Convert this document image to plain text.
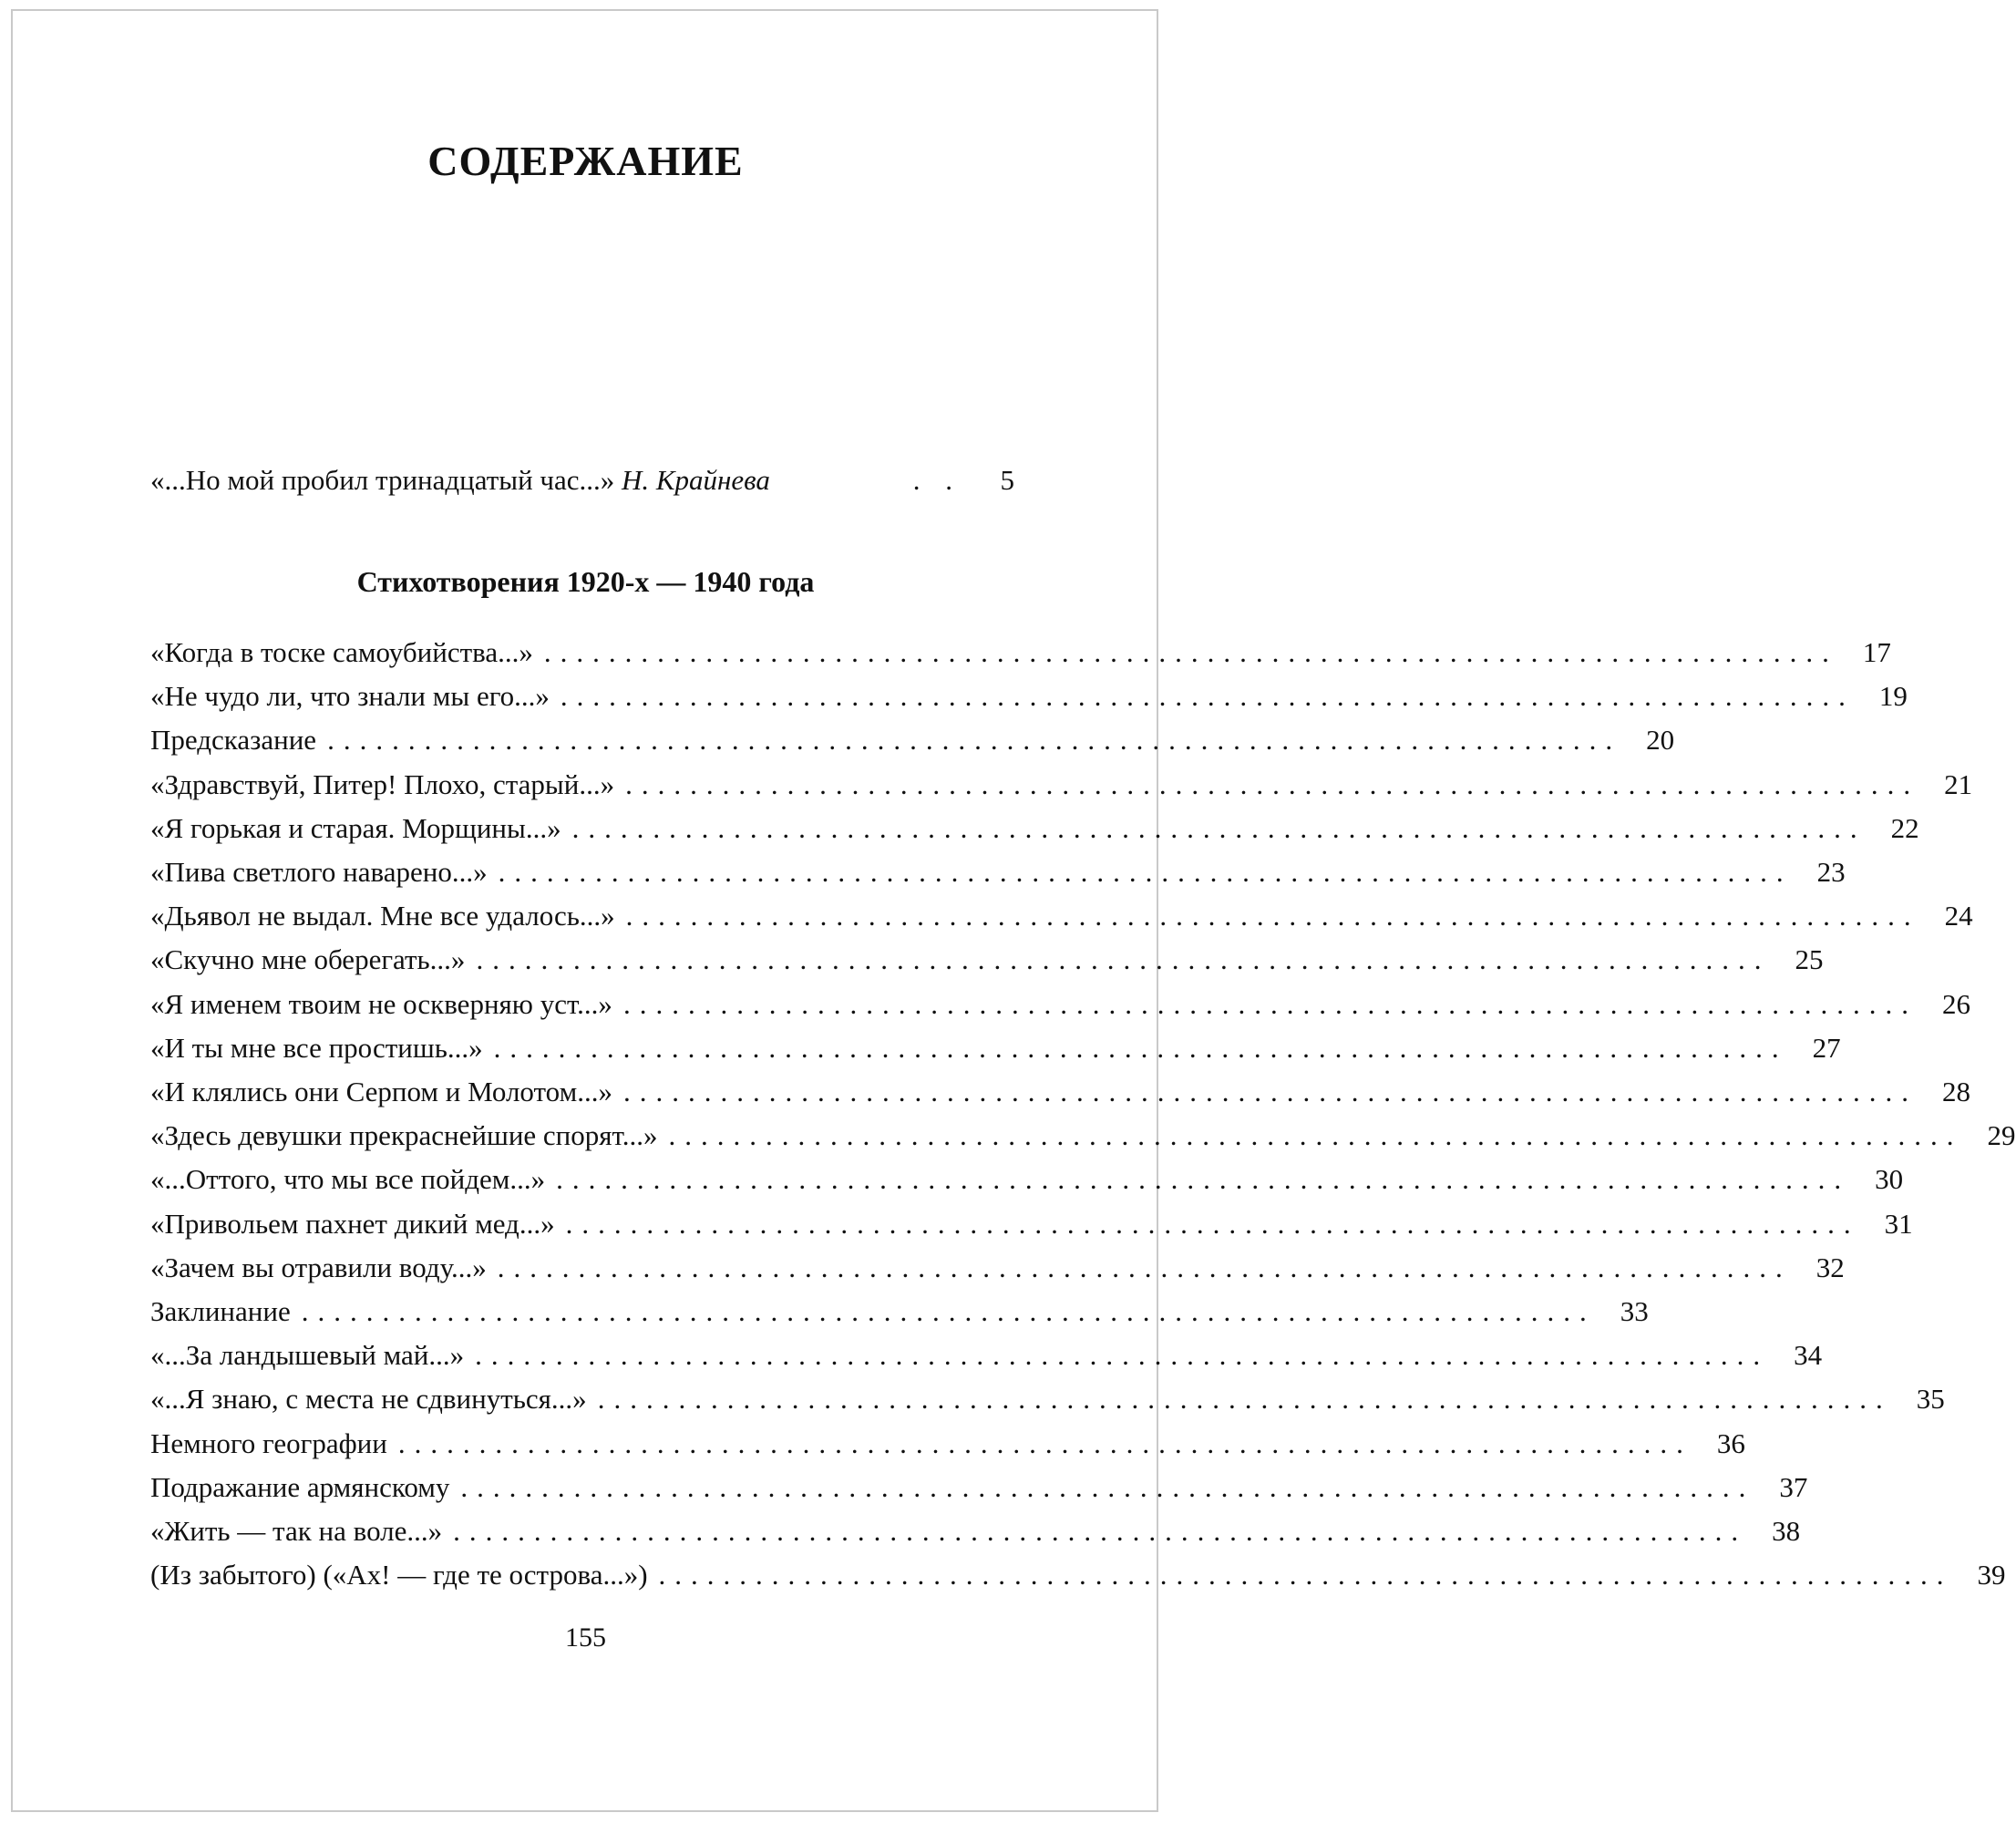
СОДЕРЖАНИЕ
«...Но мой пробил тринадцатый час...» Н. Крайнева	. .	5
Стихотворения 1920-х — 1940 года
«Когда в тоске самоубийства...» ................................................................................ 17
«Не чудо ли, что знали мы его...» ................................................................................ 19
Предсказание ................................................................................ 20
«Здравствуй, Питер! Плохо, старый...» ................................................................................ 21
«Я горькая и старая. Морщины...» ................................................................................ 22
«Пива светлого наварено...» ................................................................................ 23
«Дьявол не выдал. Мне все удалось...» ................................................................................ 24
«Скучно мне оберегать...» ................................................................................ 25
«Я именем твоим не оскверняю уст...» ................................................................................ 26
«И ты мне все простишь...» ................................................................................ 27
«И клялись они Серпом и Молотом...» ................................................................................ 28
«Здесь девушки прекраснейшие спорят...» ................................................................................ 29
«...Оттого, что мы все пойдем...» ................................................................................ 30
«Привольем пахнет дикий мед...» ................................................................................ 31
«Зачем вы отравили воду...» ................................................................................ 32
Заклинание ................................................................................ 33
«...За ландышевый май...» ................................................................................ 34
«...Я знаю, с места не сдвинуться...» ................................................................................ 35
Немного географии ................................................................................ 36
Подражание армянскому ................................................................................ 37
«Жить — так на воле...» ................................................................................ 38
(Из забытого) («Ах! — где те острова...») ................................................................................ 39
155
